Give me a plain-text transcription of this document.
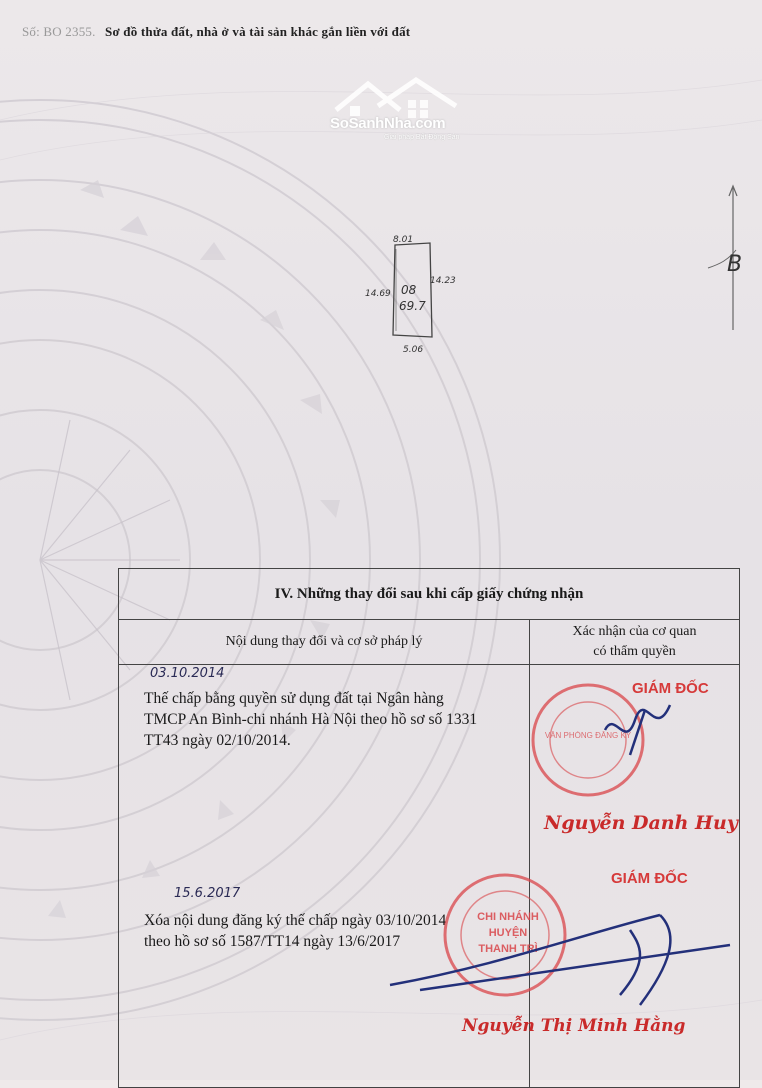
Số: BO 2355. Sơ đồ thửa đất, nhà ở và tài sản khác gắn liền với đất
SoSanhNha.com
Giải pháp Bất Động Sản
8.01
14.69
14.23
5.06
08
69.7
B
IV. Những thay đổi sau khi cấp giấy chứng nhận	
Nội dung thay đổi và cơ sở pháp lý	Xác nhận của cơ quan
có thẩm quyền

03.10.2014
Thế chấp bằng quyền sử dụng đất tại Ngân hàng
TMCP An Bình-chi nhánh Hà Nội theo hồ sơ số 1331
TT43 ngày 02/10/2014.	VĂN PHÒNG ĐĂNG KÝ
GIÁM ĐỐC
Nguyễn Danh Huy
15.6.2017
Xóa nội dung đăng ký thế chấp ngày 03/10/2014
theo hồ sơ số 1587/TT14 ngày 13/6/2017
CHI NHÁNH
HUYỆN
THANH TRÌ
GIÁM ĐỐC
Nguyễn Thị Minh Hằng
